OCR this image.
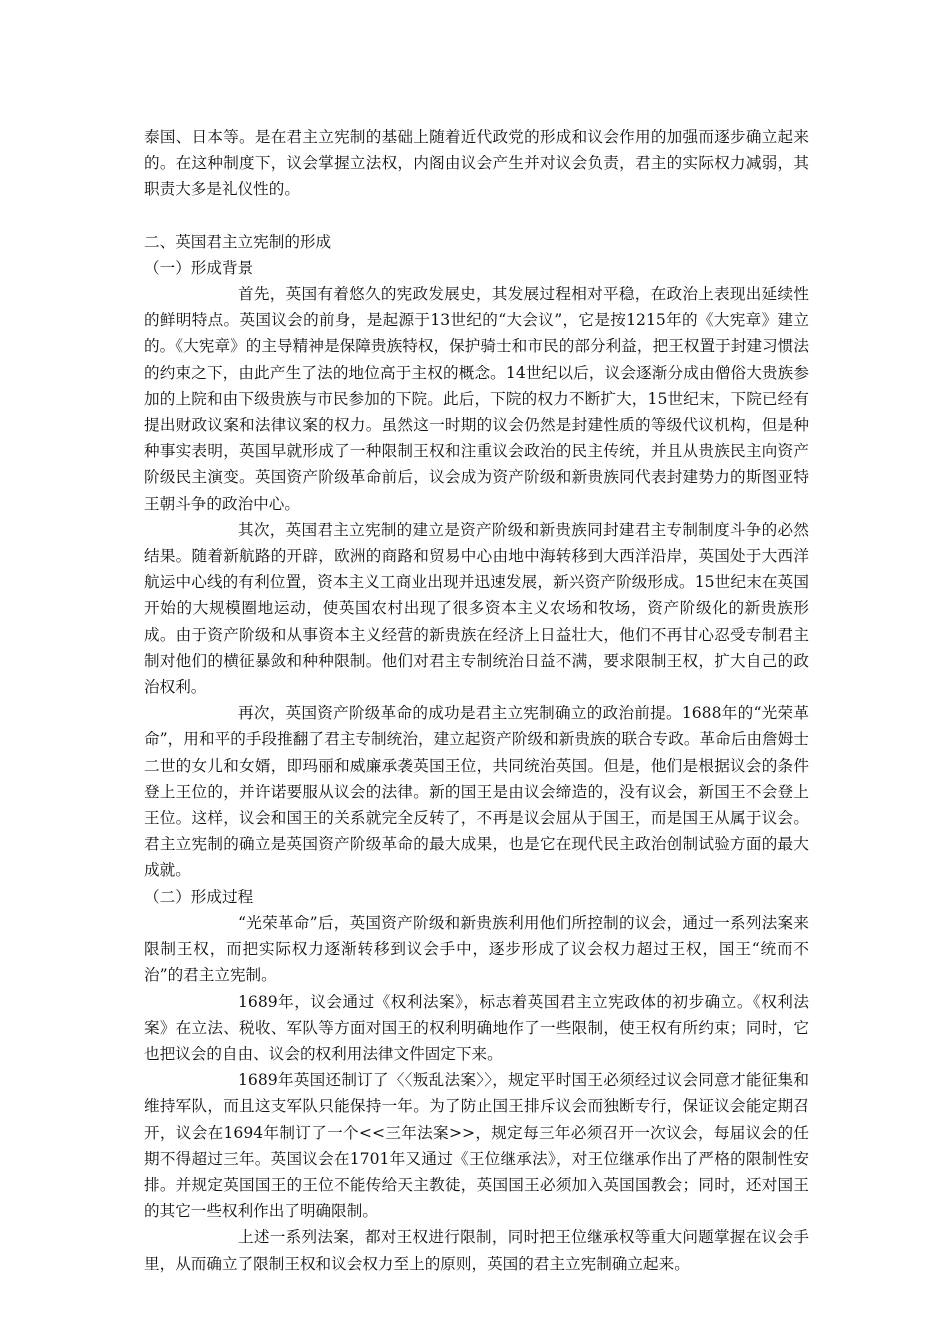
泰国、日本等。是在君主立宪制的基础上随着近代政党的形成和议会作用的加强而逐步确立起来的。在这种制度下，议会掌握立法权，内阁由议会产生并对议会负责，君主的实际权力减弱，其职责大多是礼仪性的。

二、英国君主立宪制的形成

（一）形成背景

首先，英国有着悠久的宪政发展史，其发展过程相对平稳，在政治上表现出延续性的鲜明特点。英国议会的前身，是起源于13世纪的“大会议”，它是按1215年的《大宪章》建立的。《大宪章》的主导精神是保障贵族特权，保护骑士和市民的部分利益，把王权置于封建习惯法的约束之下，由此产生了法的地位高于主权的概念。14世纪以后，议会逐渐分成由僧俗大贵族参加的上院和由下级贵族与市民参加的下院。此后，下院的权力不断扩大，15世纪末，下院已经有提出财政议案和法律议案的权力。虽然这一时期的议会仍然是封建性质的等级代议机构，但是种种事实表明，英国早就形成了一种限制王权和注重议会政治的民主传统，并且从贵族民主向资产阶级民主演变。英国资产阶级革命前后，议会成为资产阶级和新贵族同代表封建势力的斯图亚特王朝斗争的政治中心。

其次，英国君主立宪制的建立是资产阶级和新贵族同封建君主专制制度斗争的必然结果。随着新航路的开辟，欧洲的商路和贸易中心由地中海转移到大西洋沿岸，英国处于大西洋航运中心线的有利位置，资本主义工商业出现并迅速发展，新兴资产阶级形成。15世纪末在英国开始的大规模圈地运动，使英国农村出现了很多资本主义农场和牧场，资产阶级化的新贵族形成。由于资产阶级和从事资本主义经营的新贵族在经济上日益壮大，他们不再甘心忍受专制君主制对他们的横征暴敛和种种限制。他们对君主专制统治日益不满，要求限制王权，扩大自己的政治权利。

再次，英国资产阶级革命的成功是君主立宪制确立的政治前提。1688年的“光荣革命”，用和平的手段推翻了君主专制统治，建立起资产阶级和新贵族的联合专政。革命后由詹姆士二世的女儿和女婿，即玛丽和威廉承袭英国王位，共同统治英国。但是，他们是根据议会的条件登上王位的，并许诺要服从议会的法律。新的国王是由议会缔造的，没有议会，新国王不会登上王位。这样，议会和国王的关系就完全反转了，不再是议会屈从于国王，而是国王从属于议会。君主立宪制的确立是英国资产阶级革命的最大成果，也是它在现代民主政治创制试验方面的最大成就。

（二）形成过程

“光荣革命”后，英国资产阶级和新贵族利用他们所控制的议会，通过一系列法案来限制王权，而把实际权力逐渐转移到议会手中，逐步形成了议会权力超过王权，国王“统而不治”的君主立宪制。

1689年，议会通过《权利法案》，标志着英国君主立宪政体的初步确立。《权利法案》在立法、税收、军队等方面对国王的权利明确地作了一些限制，使王权有所约束；同时，它也把议会的自由、议会的权利用法律文件固定下来。

1689年英国还制订了〈〈叛乱法案〉〉，规定平时国王必须经过议会同意才能征集和维持军队，而且这支军队只能保持一年。为了防止国王排斥议会而独断专行，保证议会能定期召开，议会在1694年制订了一个<<三年法案>>，规定每三年必须召开一次议会，每届议会的任期不得超过三年。英国议会在1701年又通过《王位继承法》，对王位继承作出了严格的限制性安排。并规定英国国王的王位不能传给天主教徒，英国国王必须加入英国国教会；同时，还对国王的其它一些权利作出了明确限制。

上述一系列法案，都对王权进行限制，同时把王位继承权等重大问题掌握在议会手里，从而确立了限制王权和议会权力至上的原则，英国的君主立宪制确立起来。
